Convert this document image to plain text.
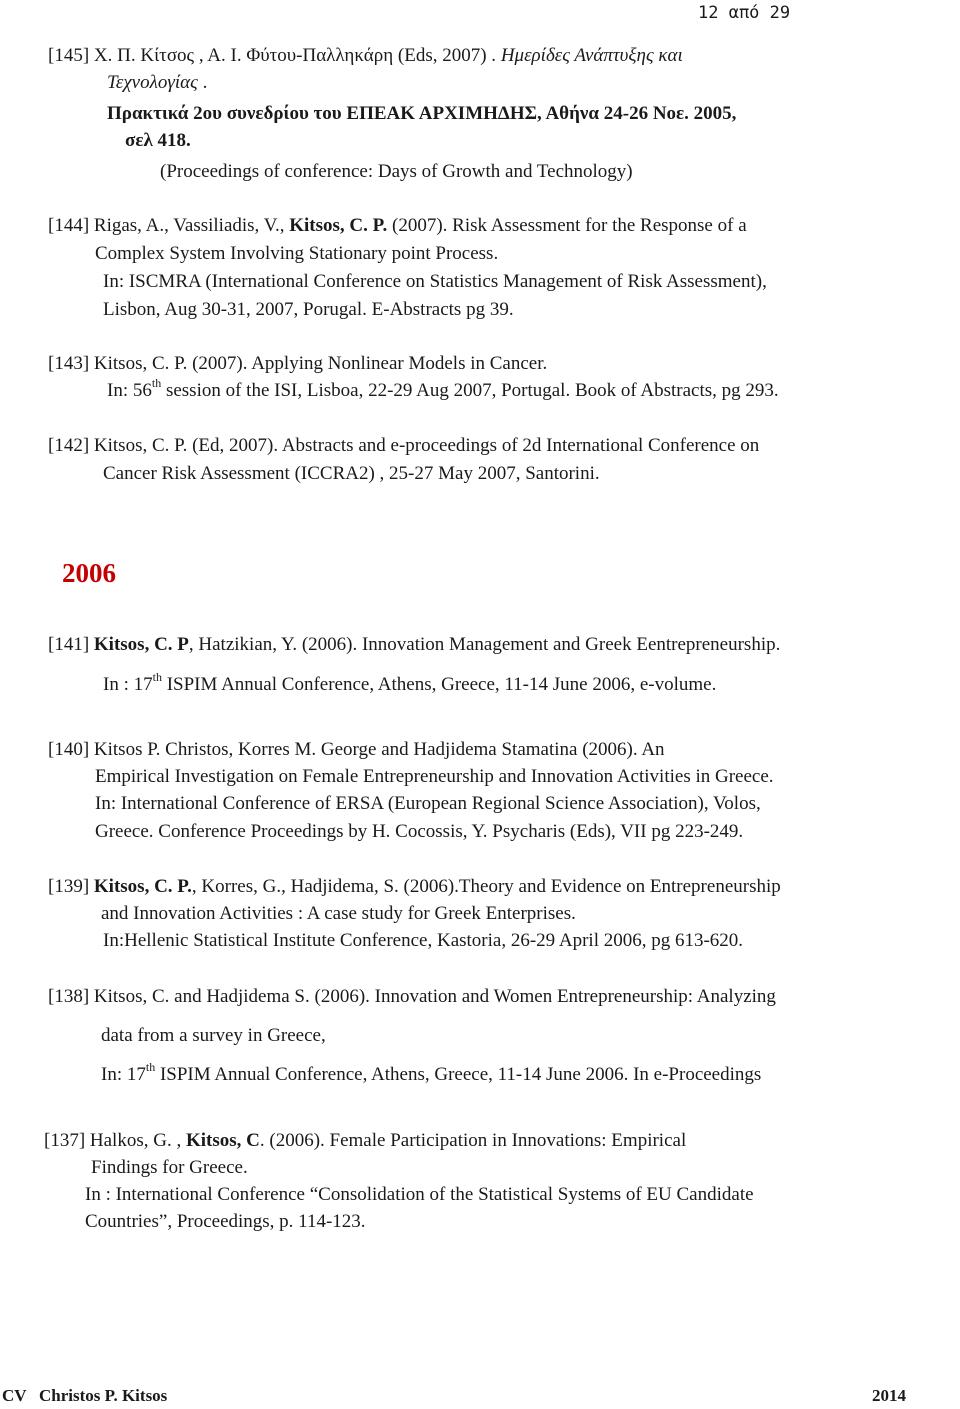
12 από 29
[145] Χ. Π. Κίτσος , Α. Ι. Φύτου-Παλληκάρη (Eds, 2007) . Ημερίδες Ανάπτυξης και
Τεχνολογίας .
Πρακτικά 2ου συνεδρίου του ΕΠΕΑΚ ΑΡΧΙΜΗΔΗΣ, Αθήνα 24-26 Νοε. 2005,
σελ 418.
(Proceedings of conference: Days of Growth and Technology)
[144] Rigas, A., Vassiliadis, V., Kitsos, C. P. (2007). Risk Assessment for the Response of a
Complex System Involving Stationary point Process.
In: ISCMRA (International Conference on Statistics Management of Risk Assessment),
Lisbon, Aug 30-31, 2007, Porugal. E-Abstracts pg 39.
[143] Kitsos, C. P. (2007). Applying Nonlinear Models in Cancer.
In: 56th session of the ISI, Lisboa, 22-29 Aug 2007, Portugal. Book of Abstracts, pg 293.
[142] Kitsos, C. P. (Ed, 2007). Abstracts and e-proceedings of 2d International Conference on
Cancer Risk Assessment (ICCRA2) , 25-27 May 2007, Santorini.
2006
[141] Kitsos, C. P, Hatzikian, Y. (2006). Innovation Management and Greek Eentrepreneurship.
In : 17th ISPIM Annual Conference, Athens, Greece, 11-14 June 2006, e-volume.
[140] Kitsos P. Christos, Korres M. George and Hadjidema Stamatina (2006). An
Empirical Investigation on Female Entrepreneurship and Innovation Activities in Greece.
In: International Conference of ERSA (European Regional Science Association), Volos,
Greece. Conference Proceedings by H. Cocossis, Y. Psycharis (Eds), VII pg 223-249.
[139] Kitsos, C. P., Korres, G., Hadjidema, S. (2006).Theory and Evidence on Entrepreneurship
and Innovation Activities : A case study for Greek Enterprises.
In:Hellenic Statistical Institute Conference, Kastoria, 26-29 April 2006, pg 613-620.
[138] Kitsos, C. and Hadjidema S. (2006). Innovation and Women Entrepreneurship: Analyzing
data from a survey in Greece,
In: 17th ISPIM Annual Conference, Athens, Greece, 11-14 June 2006. In e-Proceedings
[137] Halkos, G. , Kitsos, C. (2006). Female Participation in Innovations: Empirical
Findings for Greece.
In : International Conference “Consolidation of the Statistical Systems of EU Candidate
Countries”, Proceedings, p. 114-123.
CV   Christos P. Kitsos	2014
